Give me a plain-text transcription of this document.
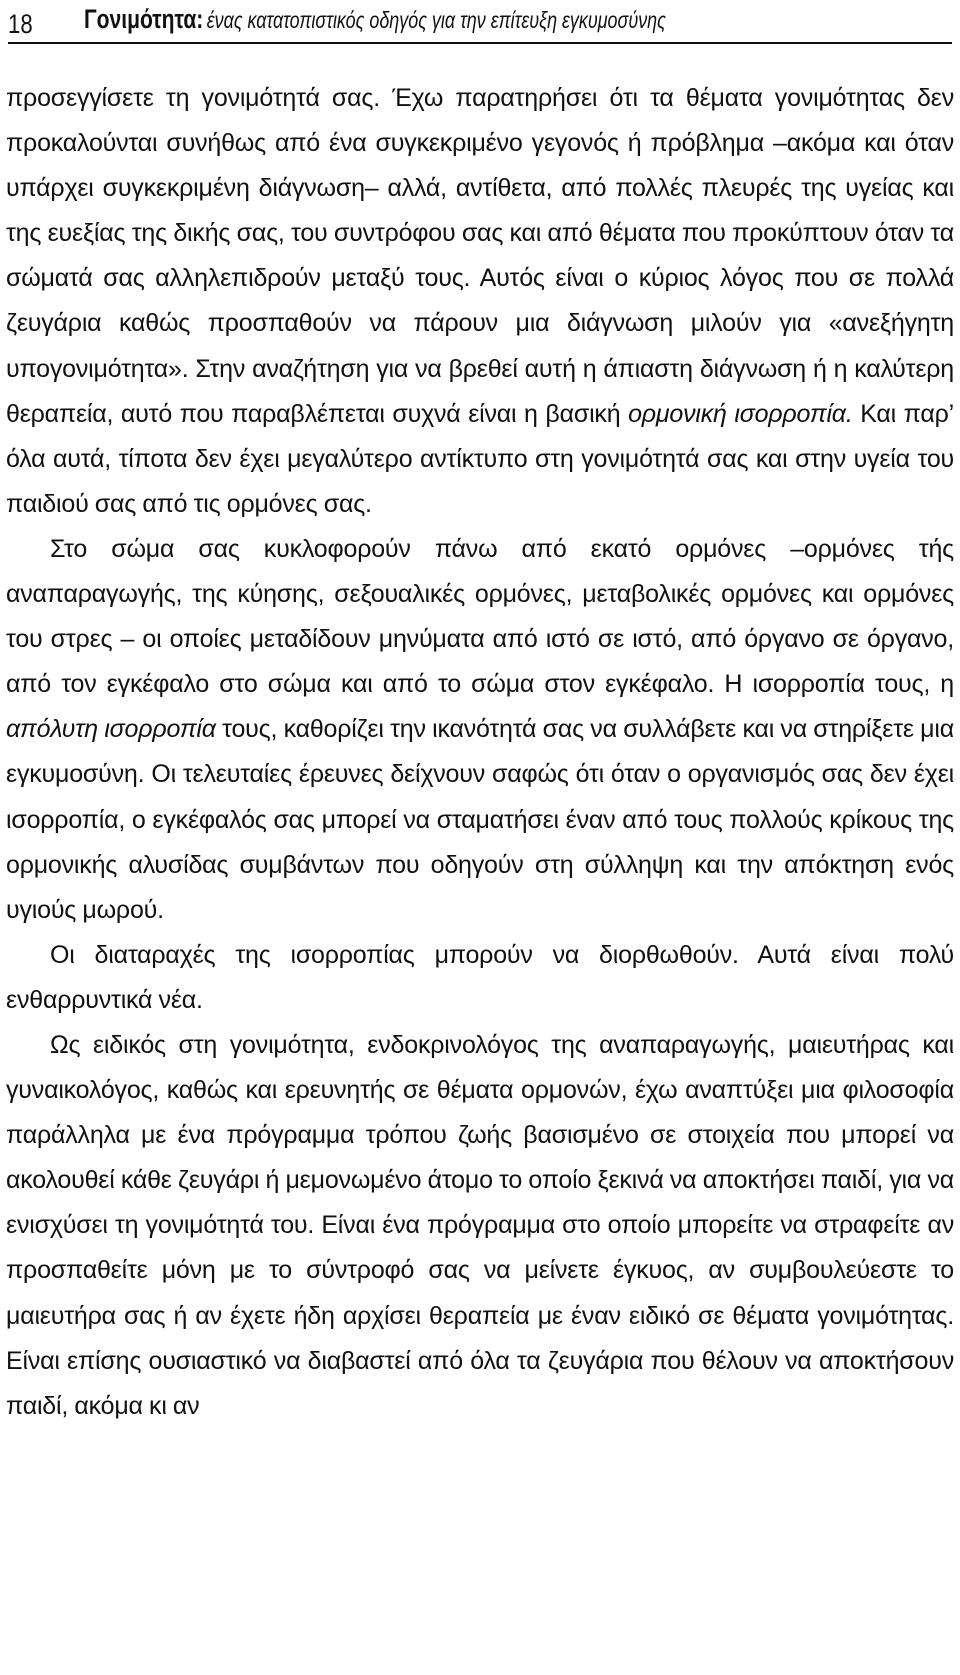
18	Γονιμότητα: ένας κατατοπιστικός οδηγός για την επίτευξη εγκυμοσύνης

προσεγγίσετε τη γονιμότητά σας. Έχω παρατηρήσει ότι τα θέματα γονιμότητας δεν προκαλούνται συνήθως από ένα συγκεκριμένο γεγονός ή πρόβλημα –ακόμα και όταν υπάρχει συγκεκριμένη διάγνωση– αλλά, αντίθετα, από πολλές πλευρές της υγείας και της ευεξίας της δικής σας, του συντρόφου σας και από θέματα που προκύπτουν όταν τα σώματά σας αλληλεπιδρούν μεταξύ τους. Αυτός είναι ο κύριος λόγος που σε πολλά ζευγάρια καθώς προσπαθούν να πάρουν μια διάγνωση μιλούν για «ανεξήγητη υπογονιμότητα». Στην αναζήτηση για να βρεθεί αυτή η άπιαστη διάγνωση ή η καλύτερη θεραπεία, αυτό που παραβλέπεται συχνά είναι η βασική ορμονική ισορροπία. Και παρ’ όλα αυτά, τίποτα δεν έχει μεγαλύτερο αντίκτυπο στη γονιμότητά σας και στην υγεία του παιδιού σας από τις ορμόνες σας.

Στο σώμα σας κυκλοφορούν πάνω από εκατό ορμόνες –ορμόνες τής αναπαραγωγής, της κύησης, σεξουαλικές ορμόνες, μεταβολικές ορμόνες και ορμόνες του στρες – οι οποίες μεταδίδουν μηνύματα από ιστό σε ιστό, από όργανο σε όργανο, από τον εγκέφαλο στο σώμα και από το σώμα στον εγκέφαλο. Η ισορροπία τους, η απόλυτη ισορροπία τους, καθορίζει την ικανότητά σας να συλλάβετε και να στηρίξετε μια εγκυμοσύνη. Οι τελευταίες έρευνες δείχνουν σαφώς ότι όταν ο οργανισμός σας δεν έχει ισορροπία, ο εγκέφαλός σας μπορεί να σταματήσει έναν από τους πολλούς κρίκους της ορμονικής αλυσίδας συμβάντων που οδηγούν στη σύλληψη και την απόκτηση ενός υγιούς μωρού.

Οι διαταραχές της ισορροπίας μπορούν να διορθωθούν. Αυτά είναι πολύ ενθαρρυντικά νέα.

Ως ειδικός στη γονιμότητα, ενδοκρινολόγος της αναπαραγωγής, μαιευτήρας και γυναικολόγος, καθώς και ερευνητής σε θέματα ορμονών, έχω αναπτύξει μια φιλοσοφία παράλληλα με ένα πρόγραμμα τρόπου ζωής βασισμένο σε στοιχεία που μπορεί να ακολουθεί κάθε ζευγάρι ή μεμονωμένο άτομο το οποίο ξεκινά να αποκτήσει παιδί, για να ενισχύσει τη γονιμότητά του. Είναι ένα πρόγραμμα στο οποίο μπορείτε να στραφείτε αν προσπαθείτε μόνη με το σύντροφό σας να μείνετε έγκυος, αν συμβουλεύεστε το μαιευτήρα σας ή αν έχετε ήδη αρχίσει θεραπεία με έναν ειδικό σε θέματα γονιμότητας. Είναι επίσης ουσιαστικό να διαβαστεί από όλα τα ζευγάρια που θέλουν να αποκτήσουν παιδί, ακόμα κι αν
